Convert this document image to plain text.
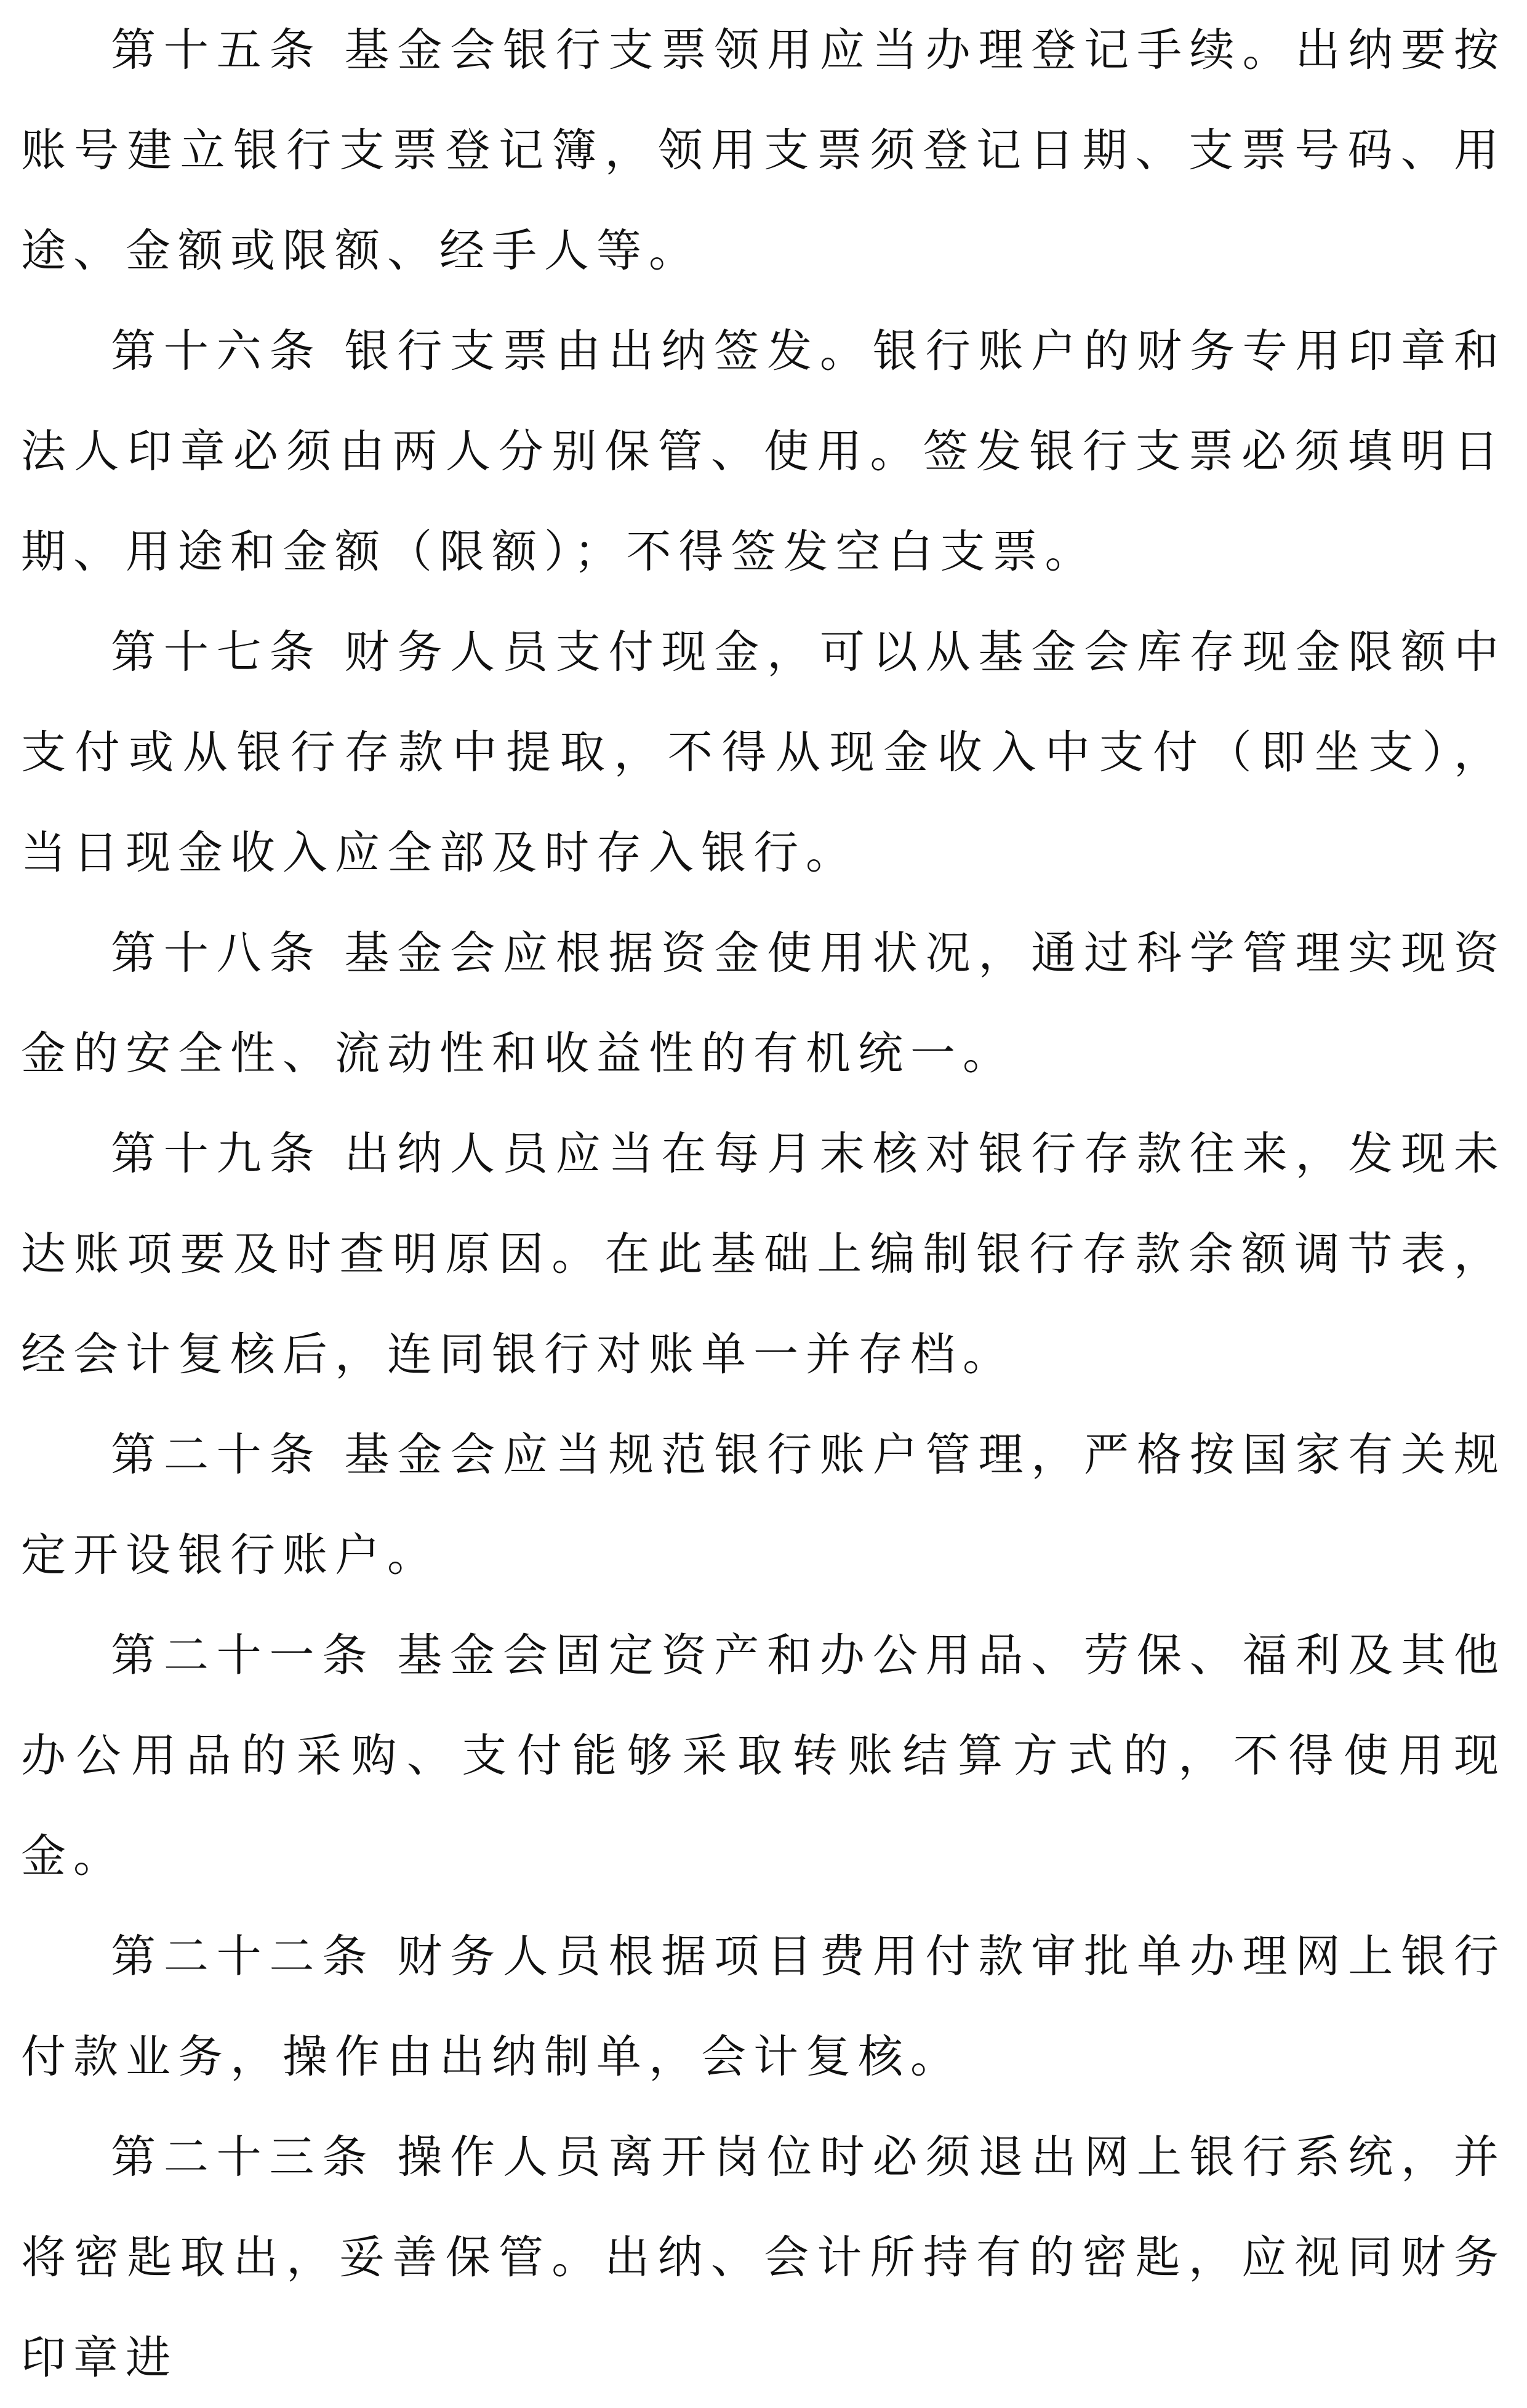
第十五条 基金会银行支票领用应当办理登记手续。出纳要按账号建立银行支票登记簿，领用支票须登记日期、支票号码、用途、金额或限额、经手人等。

第十六条 银行支票由出纳签发。银行账户的财务专用印章和法人印章必须由两人分别保管、使用。签发银行支票必须填明日期、用途和金额（限额）；不得签发空白支票。

第十七条 财务人员支付现金，可以从基金会库存现金限额中支付或从银行存款中提取，不得从现金收入中支付（即坐支），当日现金收入应全部及时存入银行。

第十八条 基金会应根据资金使用状况，通过科学管理实现资金的安全性、流动性和收益性的有机统一。

第十九条 出纳人员应当在每月末核对银行存款往来，发现未达账项要及时查明原因。在此基础上编制银行存款余额调节表，经会计复核后，连同银行对账单一并存档。

第二十条 基金会应当规范银行账户管理，严格按国家有关规定开设银行账户。

第二十一条 基金会固定资产和办公用品、劳保、福利及其他办公用品的采购、支付能够采取转账结算方式的，不得使用现金。

第二十二条 财务人员根据项目费用付款审批单办理网上银行付款业务，操作由出纳制单，会计复核。

第二十三条 操作人员离开岗位时必须退出网上银行系统，并将密匙取出，妥善保管。出纳、会计所持有的密匙，应视同财务印章进
